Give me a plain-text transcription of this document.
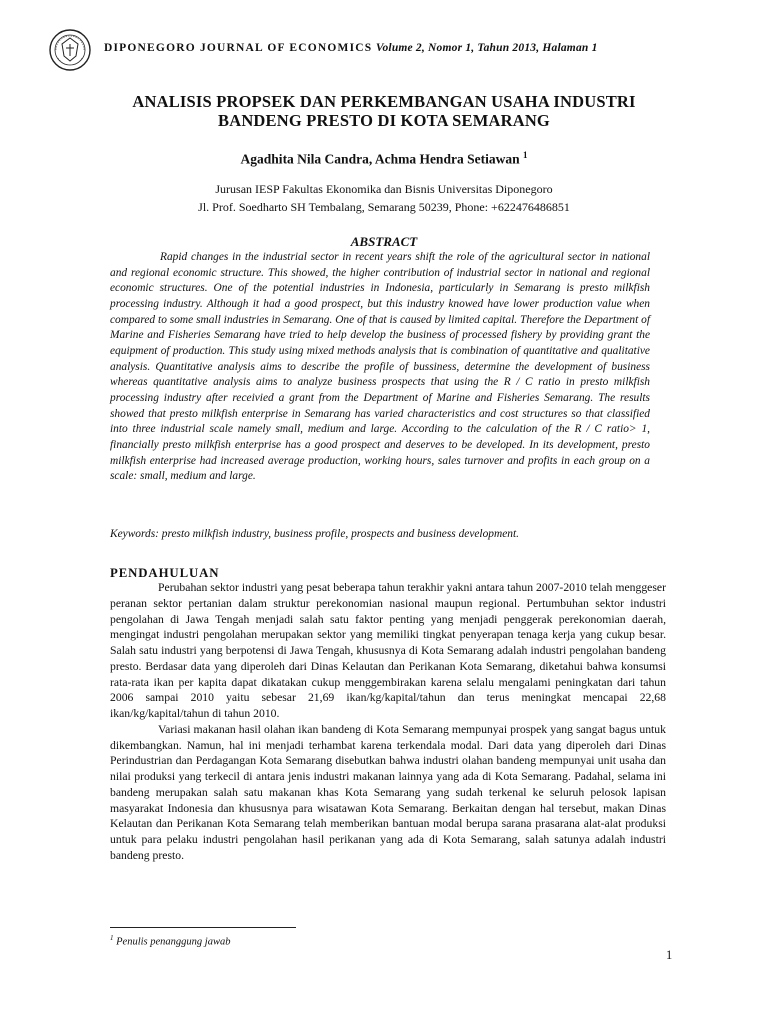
DIPONEGORO JOURNAL OF ECONOMICS Volume 2, Nomor 1, Tahun 2013, Halaman 1
ANALISIS PROPSEK DAN PERKEMBANGAN USAHA INDUSTRI
BANDENG PRESTO DI KOTA SEMARANG
Agadhita Nila Candra, Achma Hendra Setiawan $^1$
Jurusan IESP Fakultas Ekonomika dan Bisnis Universitas Diponegoro
Jl. Prof. Soedharto SH Tembalang, Semarang 50239, Phone: +622476486851
ABSTRACT
Rapid changes in the industrial sector in recent years shift the role of the agricultural sector in national and regional economic structure. This showed, the higher contribution of industrial sector in national and regional economic structures. One of the potential industries in Indonesia, particularly in Semarang is presto milkfish processing industry. Although it had a good prospect, but this industry knowed have lower production value when compared to some small industries in Semarang. One of that is caused by limited capital. Therefore the Department of Marine and Fisheries Semarang have tried to help develop the business of processed fishery by providing grant the equipment of production. This study using mixed methods analysis that is combination of quantitative and qualitative analysis. Quantitative analysis aims to describe the profile of bussiness, determine the development of business whereas quantitative analysis aims to analyze business prospects that using the R / C ratio in presto milkfish processing industry after receivied a grant from the Department of Marine and Fisheries Semarang. The results showed that presto milkfish enterprise in Semarang has varied characteristics and cost structures so that classified into three industrial scale namely small, medium and large. According to the calculation of the R / C ratio> 1, financially presto milkfish enterprise has a good prospect and deserves to be developed. In its development, presto milkfish enterprise had increased average production, working hours, sales turnover and profits in each group on a scale: small, medium and large.
Keywords: presto milkfish industry, business profile, prospects and business development.
PENDAHULUAN

Perubahan sektor industri yang pesat beberapa tahun terakhir yakni antara tahun 2007-2010 telah menggeser peranan sektor pertanian dalam struktur perekonomian nasional maupun regional. Pertumbuhan sektor industri pengolahan di Jawa Tengah menjadi salah satu faktor penting yang menjadi penggerak perekonomian daerah, mengingat industri pengolahan merupakan sektor yang memiliki tingkat penyerapan tenaga kerja yang cukup besar. Salah satu industri yang berpotensi di Jawa Tengah, khususnya di Kota Semarang adalah industri pengolahan bandeng presto. Berdasar data yang diperoleh dari Dinas Kelautan dan Perikanan Kota Semarang, diketahui bahwa konsumsi rata-rata ikan per kapita dapat dikatakan cukup menggembirakan karena selalu mengalami peningkatan dari tahun 2006 sampai 2010 yaitu sebesar 21,69 ikan/kg/kapital/tahun dan terus meningkat mencapai 22,68 ikan/kg/kapital/tahun di tahun 2010.

Variasi makanan hasil olahan ikan bandeng di Kota Semarang mempunyai prospek yang sangat bagus untuk dikembangkan. Namun, hal ini menjadi terhambat karena terkendala modal. Dari data yang diperoleh dari Dinas Perindustrian dan Perdagangan Kota Semarang disebutkan bahwa industri olahan bandeng mempunyai unit usaha dan nilai produksi yang terkecil di antara jenis industri makanan lainnya yang ada di Kota Semarang. Padahal, selama ini bandeng merupakan salah satu makanan khas Kota Semarang yang sudah terkenal ke seluruh pelosok lapisan masyarakat Indonesia dan khususnya para wisatawan Kota Semarang. Berkaitan dengan hal tersebut, makan Dinas Kelautan dan Perikanan Kota Semarang telah memberikan bantuan modal berupa sarana prasarana alat-alat produksi untuk para pelaku industri pengolahan hasil perikanan yang ada di Kota Semarang, salah satunya adalah industri bandeng presto.

$^1$ Penulis penanggung jawab
1
